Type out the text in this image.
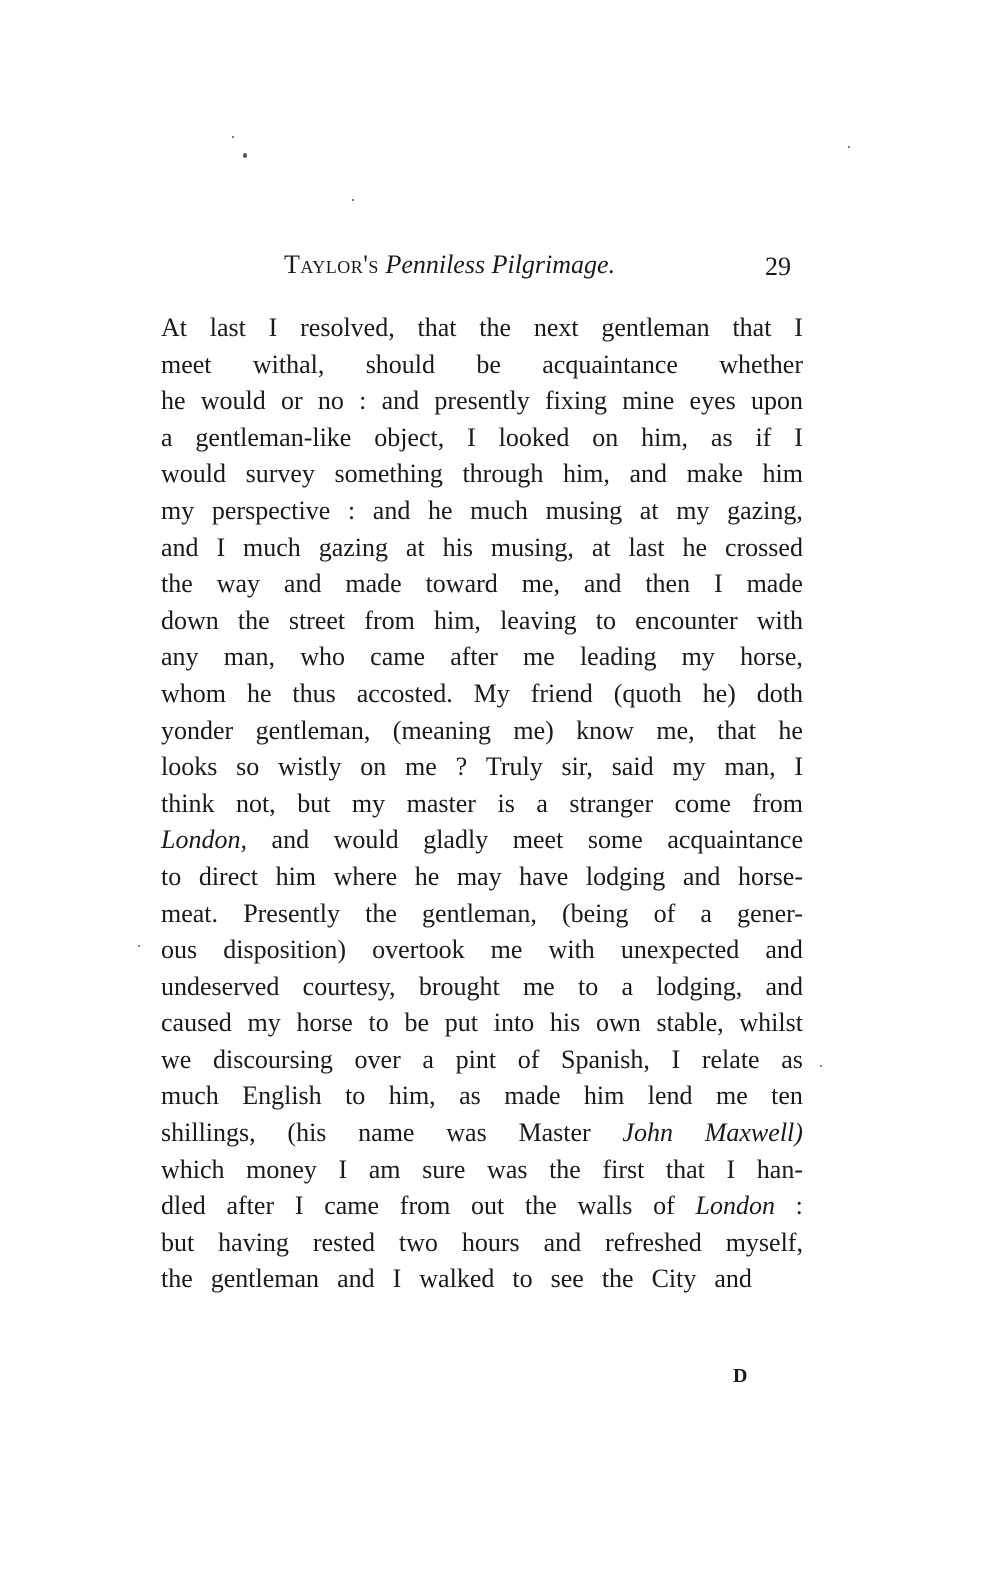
Taylor's Penniless Pilgrimage.	29
At last I resolved, that the next gentleman that I
meet withal, should be acquaintance whether
he would or no : and presently fixing mine eyes upon
a gentleman-like object, I looked on him, as if I
would survey something through him, and make him
my perspective : and he much musing at my gazing,
and I much gazing at his musing, at last he crossed
the way and made toward me, and then I made
down the street from him, leaving to encounter with
any man, who came after me leading my horse,
whom he thus accosted. My friend (quoth he) doth
yonder gentleman, (meaning me) know me, that he
looks so wistly on me ? Truly sir, said my man, I
think not, but my master is a stranger come from
London, and would gladly meet some acquaintance
to direct him where he may have lodging and horse-
meat. Presently the gentleman, (being of a gener-
ous disposition) overtook me with unexpected and
undeserved courtesy, brought me to a lodging, and
caused my horse to be put into his own stable, whilst
we discoursing over a pint of Spanish, I relate as
much English to him, as made him lend me ten
shillings, (his name was Master John Maxwell)
which money I am sure was the first that I han-
dled after I came from out the walls of London :
but having rested two hours and refreshed myself,
the gentleman and I walked to see the City and
D
